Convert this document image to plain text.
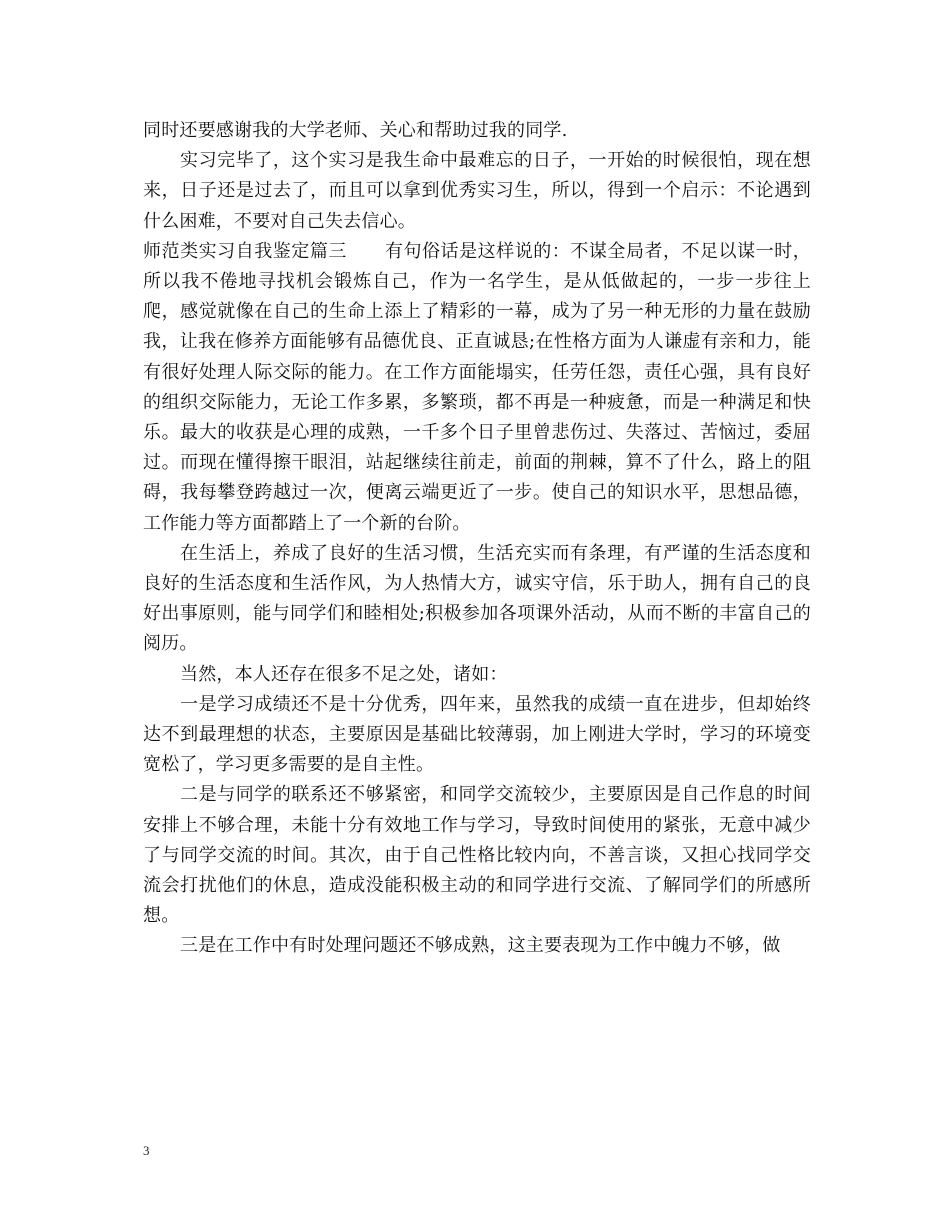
同时还要感谢我的大学老师、关心和帮助过我的同学.

实习完毕了，这个实习是我生命中最难忘的日子，一开始的时候很怕，现在想来，日子还是过去了，而且可以拿到优秀实习生，所以，得到一个启示：不论遇到什么困难，不要对自己失去信心。

师范类实习自我鉴定篇三 有句俗话是这样说的：不谋全局者，不足以谋一时，所以我不倦地寻找机会锻炼自己，作为一名学生，是从低做起的，一步一步往上爬，感觉就像在自己的生命上添上了精彩的一幕，成为了另一种无形的力量在鼓励我，让我在修养方面能够有品德优良、正直诚恳;在性格方面为人谦虚有亲和力，能有很好处理人际交际的能力。在工作方面能塌实，任劳任怨，责任心强，具有良好的组织交际能力，无论工作多累，多繁琐，都不再是一种疲惫，而是一种满足和快乐。最大的收获是心理的成熟，一千多个日子里曾悲伤过、失落过、苦恼过，委屈过。而现在懂得擦干眼泪，站起继续往前走，前面的荆棘，算不了什么，路上的阻碍，我每攀登跨越过一次，便离云端更近了一步。使自己的知识水平，思想品德，工作能力等方面都踏上了一个新的台阶。

在生活上，养成了良好的生活习惯，生活充实而有条理，有严谨的生活态度和良好的生活态度和生活作风，为人热情大方，诚实守信，乐于助人，拥有自己的良好出事原则，能与同学们和睦相处;积极参加各项课外活动，从而不断的丰富自己的阅历。

当然，本人还存在很多不足之处，诸如：

一是学习成绩还不是十分优秀，四年来，虽然我的成绩一直在进步，但却始终达不到最理想的状态，主要原因是基础比较薄弱，加上刚进大学时，学习的环境变宽松了，学习更多需要的是自主性。

二是与同学的联系还不够紧密，和同学交流较少，主要原因是自己作息的时间安排上不够合理，未能十分有效地工作与学习，导致时间使用的紧张，无意中减少了与同学交流的时间。其次，由于自己性格比较内向，不善言谈，又担心找同学交流会打扰他们的休息，造成没能积极主动的和同学进行交流、了解同学们的所感所想。

三是在工作中有时处理问题还不够成熟，这主要表现为工作中魄力不够，做

3
